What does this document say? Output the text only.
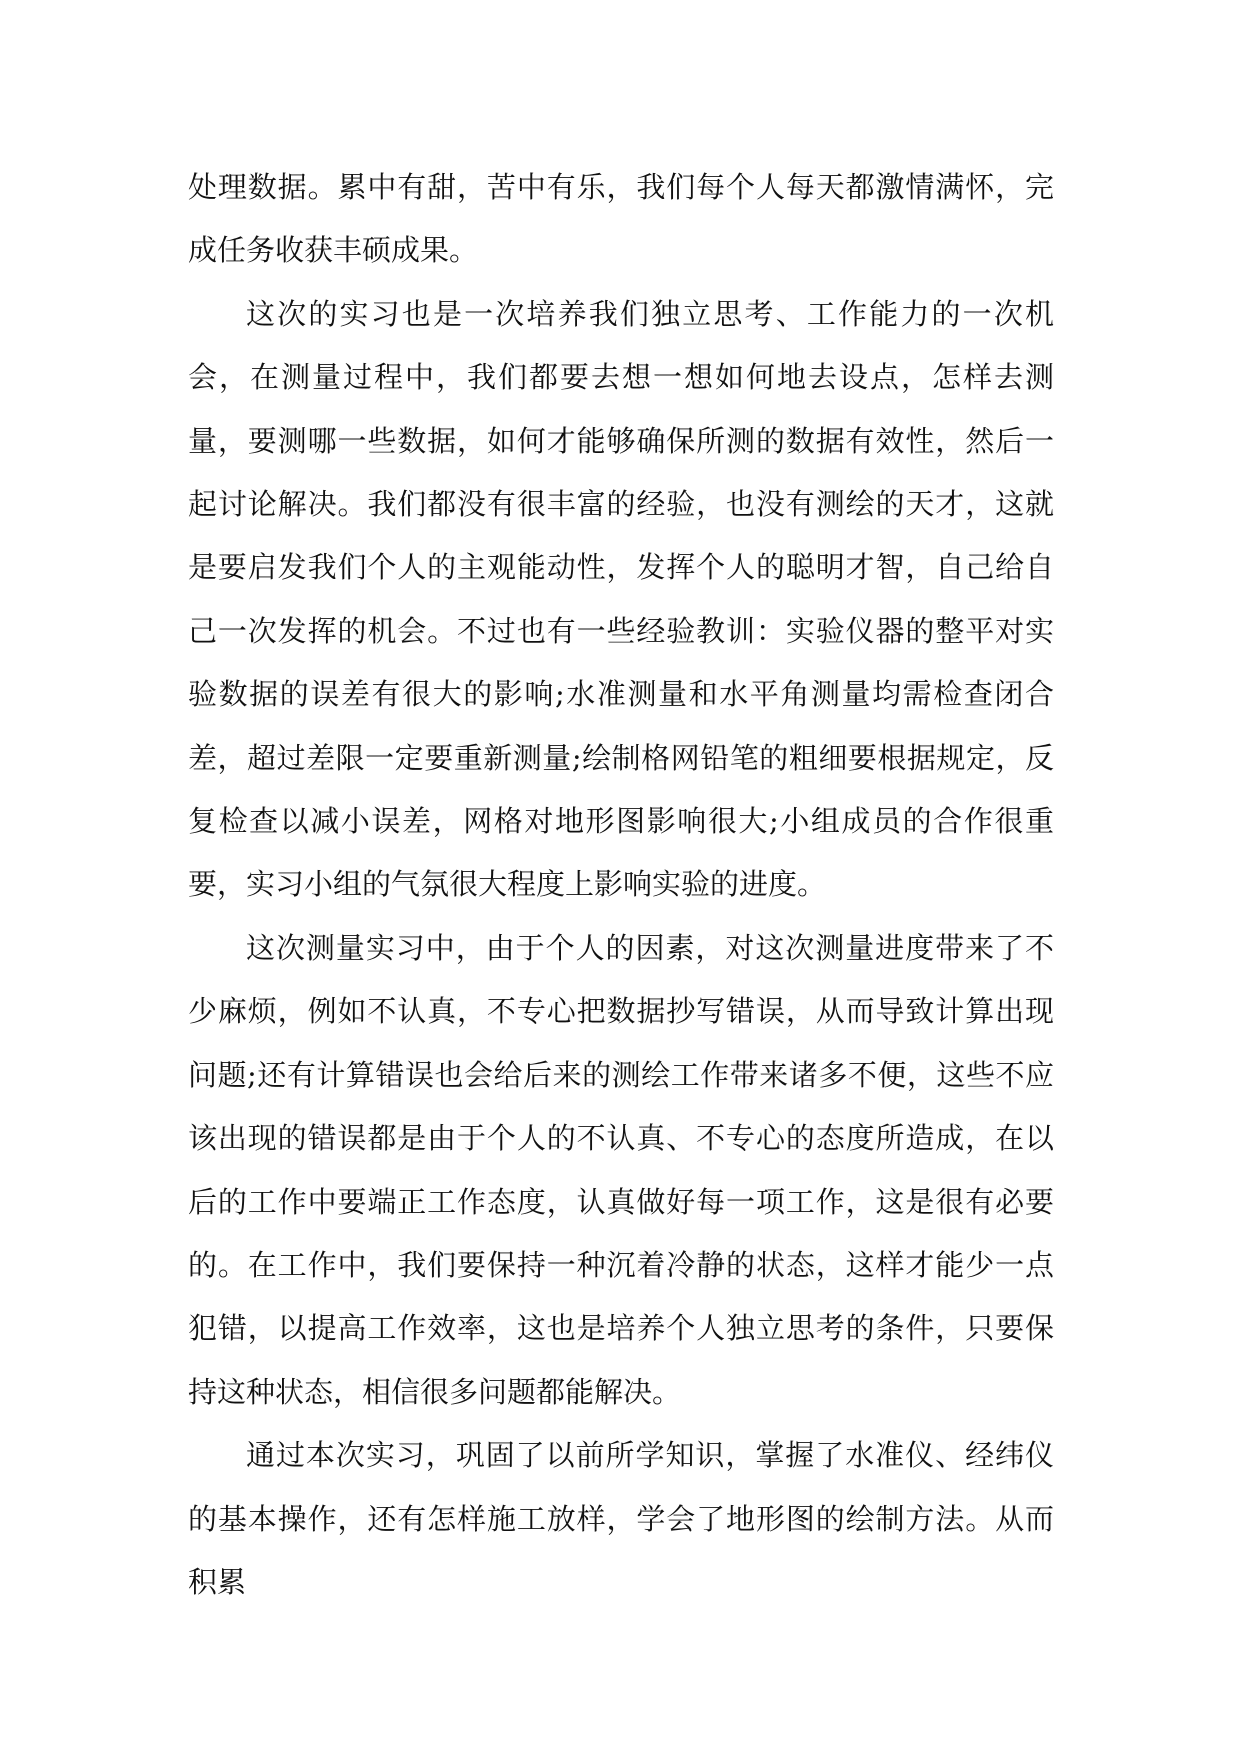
处理数据。累中有甜，苦中有乐，我们每个人每天都激情满怀，完成任务收获丰硕成果。

这次的实习也是一次培养我们独立思考、工作能力的一次机会，在测量过程中，我们都要去想一想如何地去设点，怎样去测量，要测哪一些数据，如何才能够确保所测的数据有效性，然后一起讨论解决。我们都没有很丰富的经验，也没有测绘的天才，这就是要启发我们个人的主观能动性，发挥个人的聪明才智，自己给自己一次发挥的机会。不过也有一些经验教训：实验仪器的整平对实验数据的误差有很大的影响;水准测量和水平角测量均需检查闭合差，超过差限一定要重新测量;绘制格网铅笔的粗细要根据规定，反复检查以减小误差，网格对地形图影响很大;小组成员的合作很重要，实习小组的气氛很大程度上影响实验的进度。

这次测量实习中，由于个人的因素，对这次测量进度带来了不少麻烦，例如不认真，不专心把数据抄写错误，从而导致计算出现问题;还有计算错误也会给后来的测绘工作带来诸多不便，这些不应该出现的错误都是由于个人的不认真、不专心的态度所造成，在以后的工作中要端正工作态度，认真做好每一项工作，这是很有必要的。在工作中，我们要保持一种沉着冷静的状态，这样才能少一点犯错，以提高工作效率，这也是培养个人独立思考的条件，只要保持这种状态，相信很多问题都能解决。

通过本次实习，巩固了以前所学知识，掌握了水准仪、经纬仪的基本操作，还有怎样施工放样，学会了地形图的绘制方法。从而积累
